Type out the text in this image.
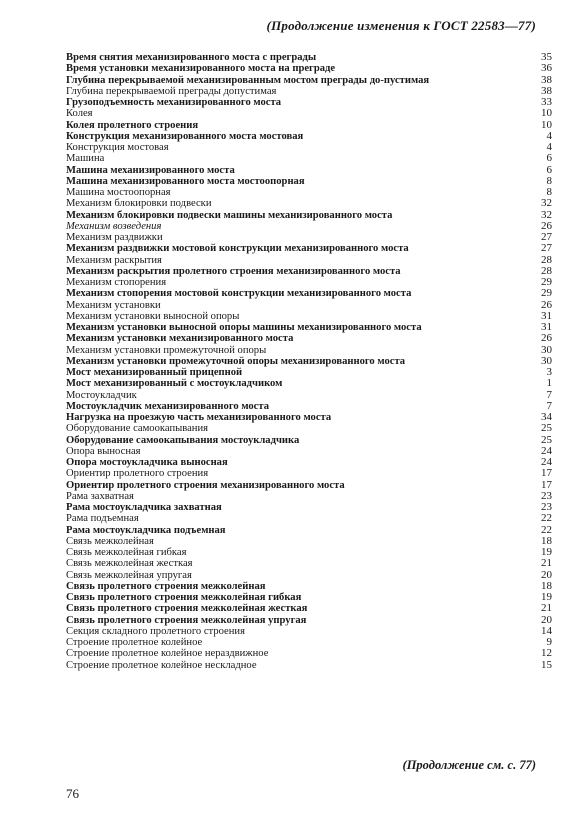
(Продолжение изменения к ГОСТ 22583—77)
Время снятия механизированного моста с преграды	35
Время установки механизированного моста на преграде	36
Глубина перекрываемой механизированным мостом преграды до-пустимая	38
Глубина перекрываемой преграды допустимая	38
Грузоподъемность механизированного моста	33
Колея	10
Колея пролетного строения	10
Конструкция механизированного моста мостовая	4
Конструкция мостовая	4
Машина	6
Машина механизированного моста	6
Машина механизированного моста мостоопорная	8
Машина мостоопорная	8
Механизм блокировки подвески	32
Механизм блокировки подвески машины механизированного моста	32
Механизм возведения	26
Механизм раздвижки	27
Механизм раздвижки мостовой конструкции механизированного моста	27
Механизм раскрытия	28
Механизм раскрытия пролетного строения механизированного моста	28
Механизм стопорения	29
Механизм стопорения мостовой конструкции механизированного моста	29
Механизм установки	26
Механизм установки выносной опоры	31
Механизм установки выносной опоры машины механизированного моста	31
Механизм установки механизированного моста	26
Механизм установки промежуточной опоры	30
Механизм установки промежуточной опоры механизированного моста	30
Мост механизированный прицепной	3
Мост механизированный с мостоукладчиком	1
Мостоукладчик	7
Мостоукладчик механизированного моста	7
Нагрузка на проезжую часть механизированного моста	34
Оборудование самоокапывания	25
Оборудование самоокапывания мостоукладчика	25
Опора выносная	24
Опора мостоукладчика выносная	24
Ориентир пролетного строения	17
Ориентир пролетного строения механизированного моста	17
Рама захватная	23
Рама мостоукладчика захватная	23
Рама подъемная	22
Рама мостоукладчика подъемная	22
Связь межколейная	18
Связь межколейная гибкая	19
Связь межколейная жесткая	21
Связь межколейная упругая	20
Связь пролетного строения межколейная	18
Связь пролетного строения межколейная гибкая	19
Связь пролетного строения межколейная жесткая	21
Связь пролетного строения межколейная упругая	20
Секция складного пролетного строения	14
Строение пролетное колейное	9
Строение пролетное колейное нераздвижное	12
Строение пролетное колейное нескладное	15
(Продолжение см. с. 77)
76
